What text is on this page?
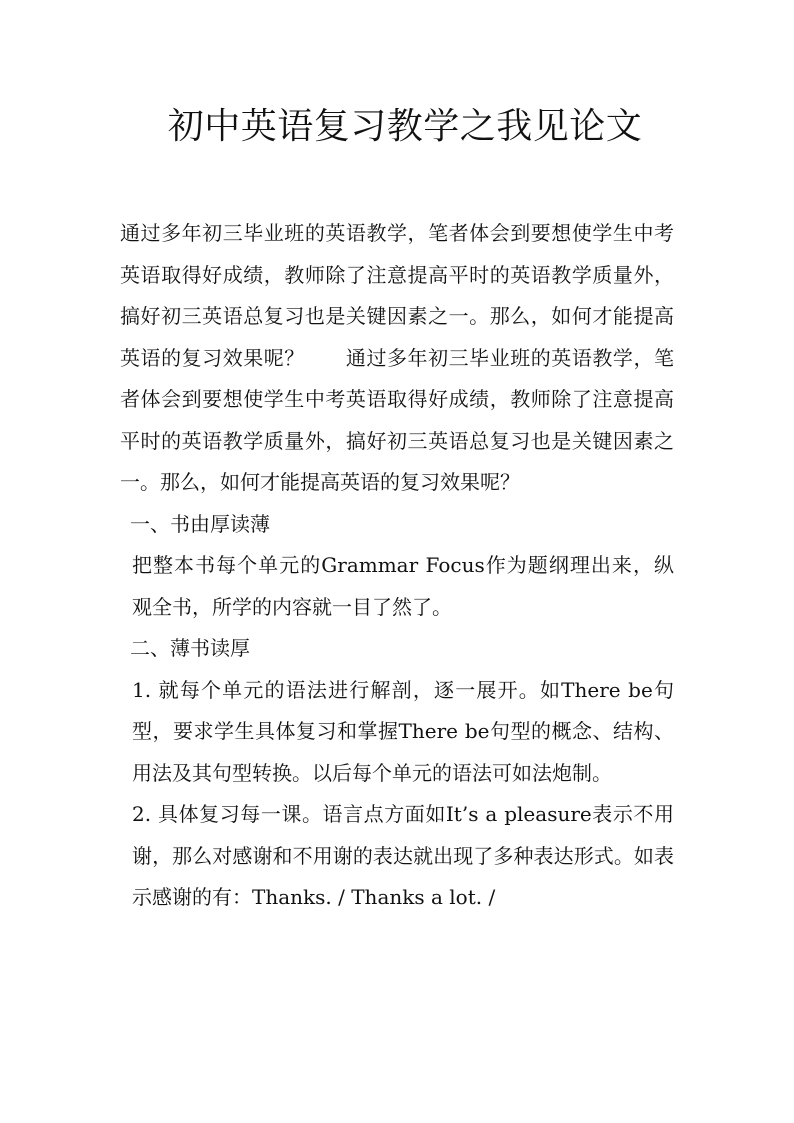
初中英语复习教学之我见论文

通过多年初三毕业班的英语教学，笔者体会到要想使学生中考英语取得好成绩，教师除了注意提高平时的英语教学质量外，搞好初三英语总复习也是关键因素之一。那么，如何才能提高英语的复习效果呢？　　通过多年初三毕业班的英语教学，笔者体会到要想使学生中考英语取得好成绩，教师除了注意提高平时的英语教学质量外，搞好初三英语总复习也是关键因素之一。那么，如何才能提高英语的复习效果呢？

一、书由厚读薄

把整本书每个单元的Grammar Focus作为题纲理出来，纵观全书，所学的内容就一目了然了。

二、薄书读厚

1. 就每个单元的语法进行解剖，逐一展开。如There be句型，要求学生具体复习和掌握There be句型的概念、结构、用法及其句型转换。以后每个单元的语法可如法炮制。

2. 具体复习每一课。语言点方面如It’s a pleasure表示不用谢，那么对感谢和不用谢的表达就出现了多种表达形式。如表示感谢的有：Thanks. / Thanks a lot. /
